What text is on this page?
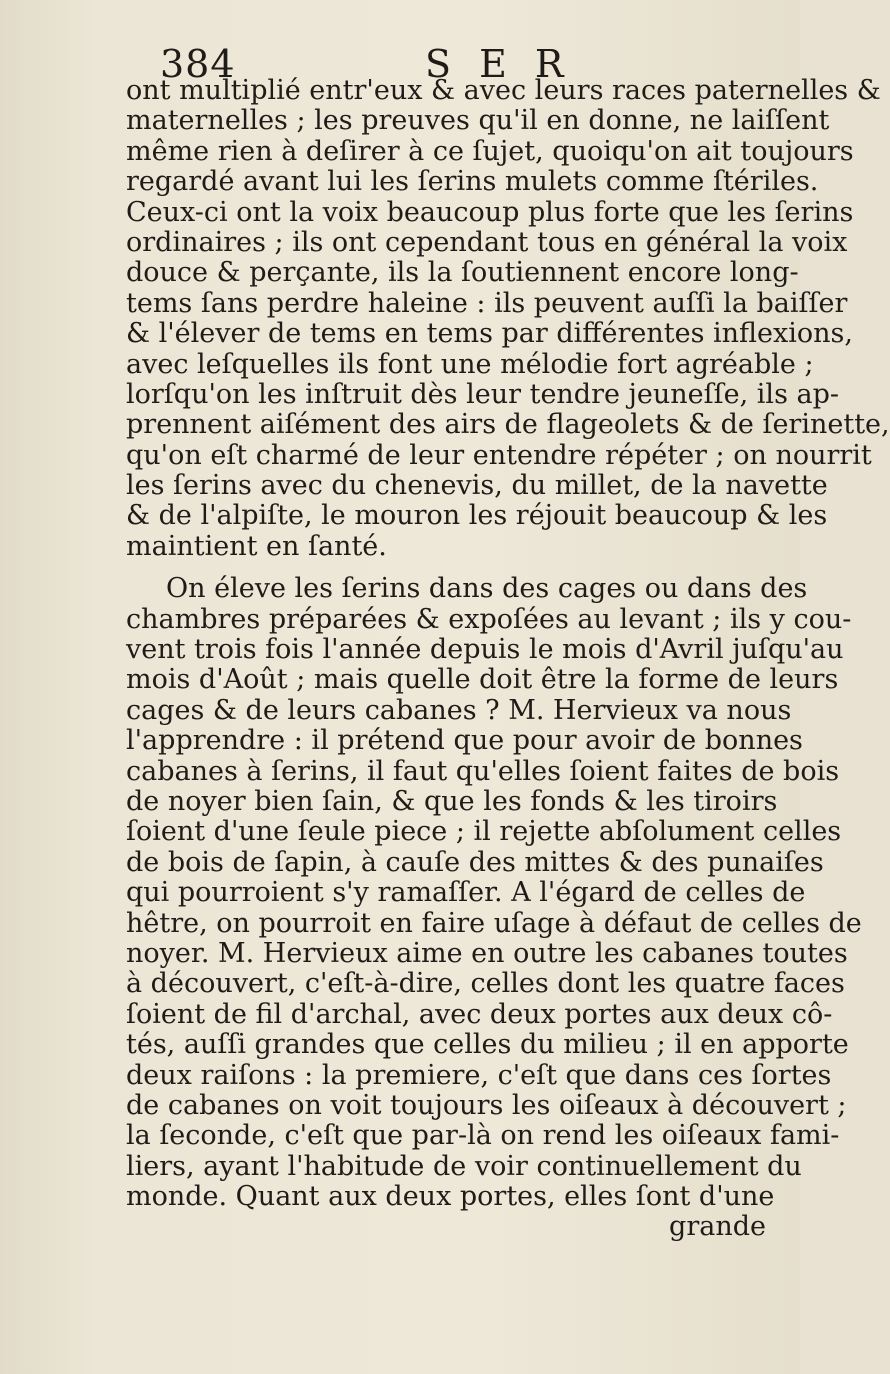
384	S E R
ont multiplié entr'eux & avec leurs races paternelles &
maternelles ; les preuves qu'il en donne, ne laiſſent
même rien à deſirer à ce ſujet, quoiqu'on ait toujours
regardé avant lui les ſerins mulets comme ſtériles.
Ceux-ci ont la voix beaucoup plus forte que les ſerins
ordinaires ; ils ont cependant tous en général la voix
douce & perçante, ils la ſoutiennent encore long-
tems ſans perdre haleine : ils peuvent auſſi la baiſſer
& l'élever de tems en tems par différentes inflexions,
avec leſquelles ils font une mélodie fort agréable ;
lorſqu'on les inſtruit dès leur tendre jeuneſſe, ils ap-
prennent aiſément des airs de flageolets & de ſerinette,
qu'on eſt charmé de leur entendre répéter ; on nourrit
les ſerins avec du chenevis, du millet, de la navette
& de l'alpiſte, le mouron les réjouit beaucoup & les
maintient en ſanté.
On éleve les ſerins dans des cages ou dans des
chambres préparées & expoſées au levant ; ils y cou-
vent trois fois l'année depuis le mois d'Avril juſqu'au
mois d'Août ; mais quelle doit être la forme de leurs
cages & de leurs cabanes ? M. Hervieux va nous
l'apprendre : il prétend que pour avoir de bonnes
cabanes à ſerins, il faut qu'elles ſoient faites de bois
de noyer bien ſain, & que les fonds & les tiroirs
ſoient d'une ſeule piece ; il rejette abſolument celles
de bois de ſapin, à cauſe des mittes & des punaiſes
qui pourroient s'y ramaſſer. A l'égard de celles de
hêtre, on pourroit en faire uſage à défaut de celles de
noyer. M. Hervieux aime en outre les cabanes toutes
à découvert, c'eſt-à-dire, celles dont les quatre faces
ſoient de fil d'archal, avec deux portes aux deux cô-
tés, auſſi grandes que celles du milieu ; il en apporte
deux raiſons : la premiere, c'eſt que dans ces ſortes
de cabanes on voit toujours les oiſeaux à découvert ;
la ſeconde, c'eſt que par-là on rend les oiſeaux fami-
liers, ayant l'habitude de voir continuellement du
monde. Quant aux deux portes, elles ſont d'une
grande
